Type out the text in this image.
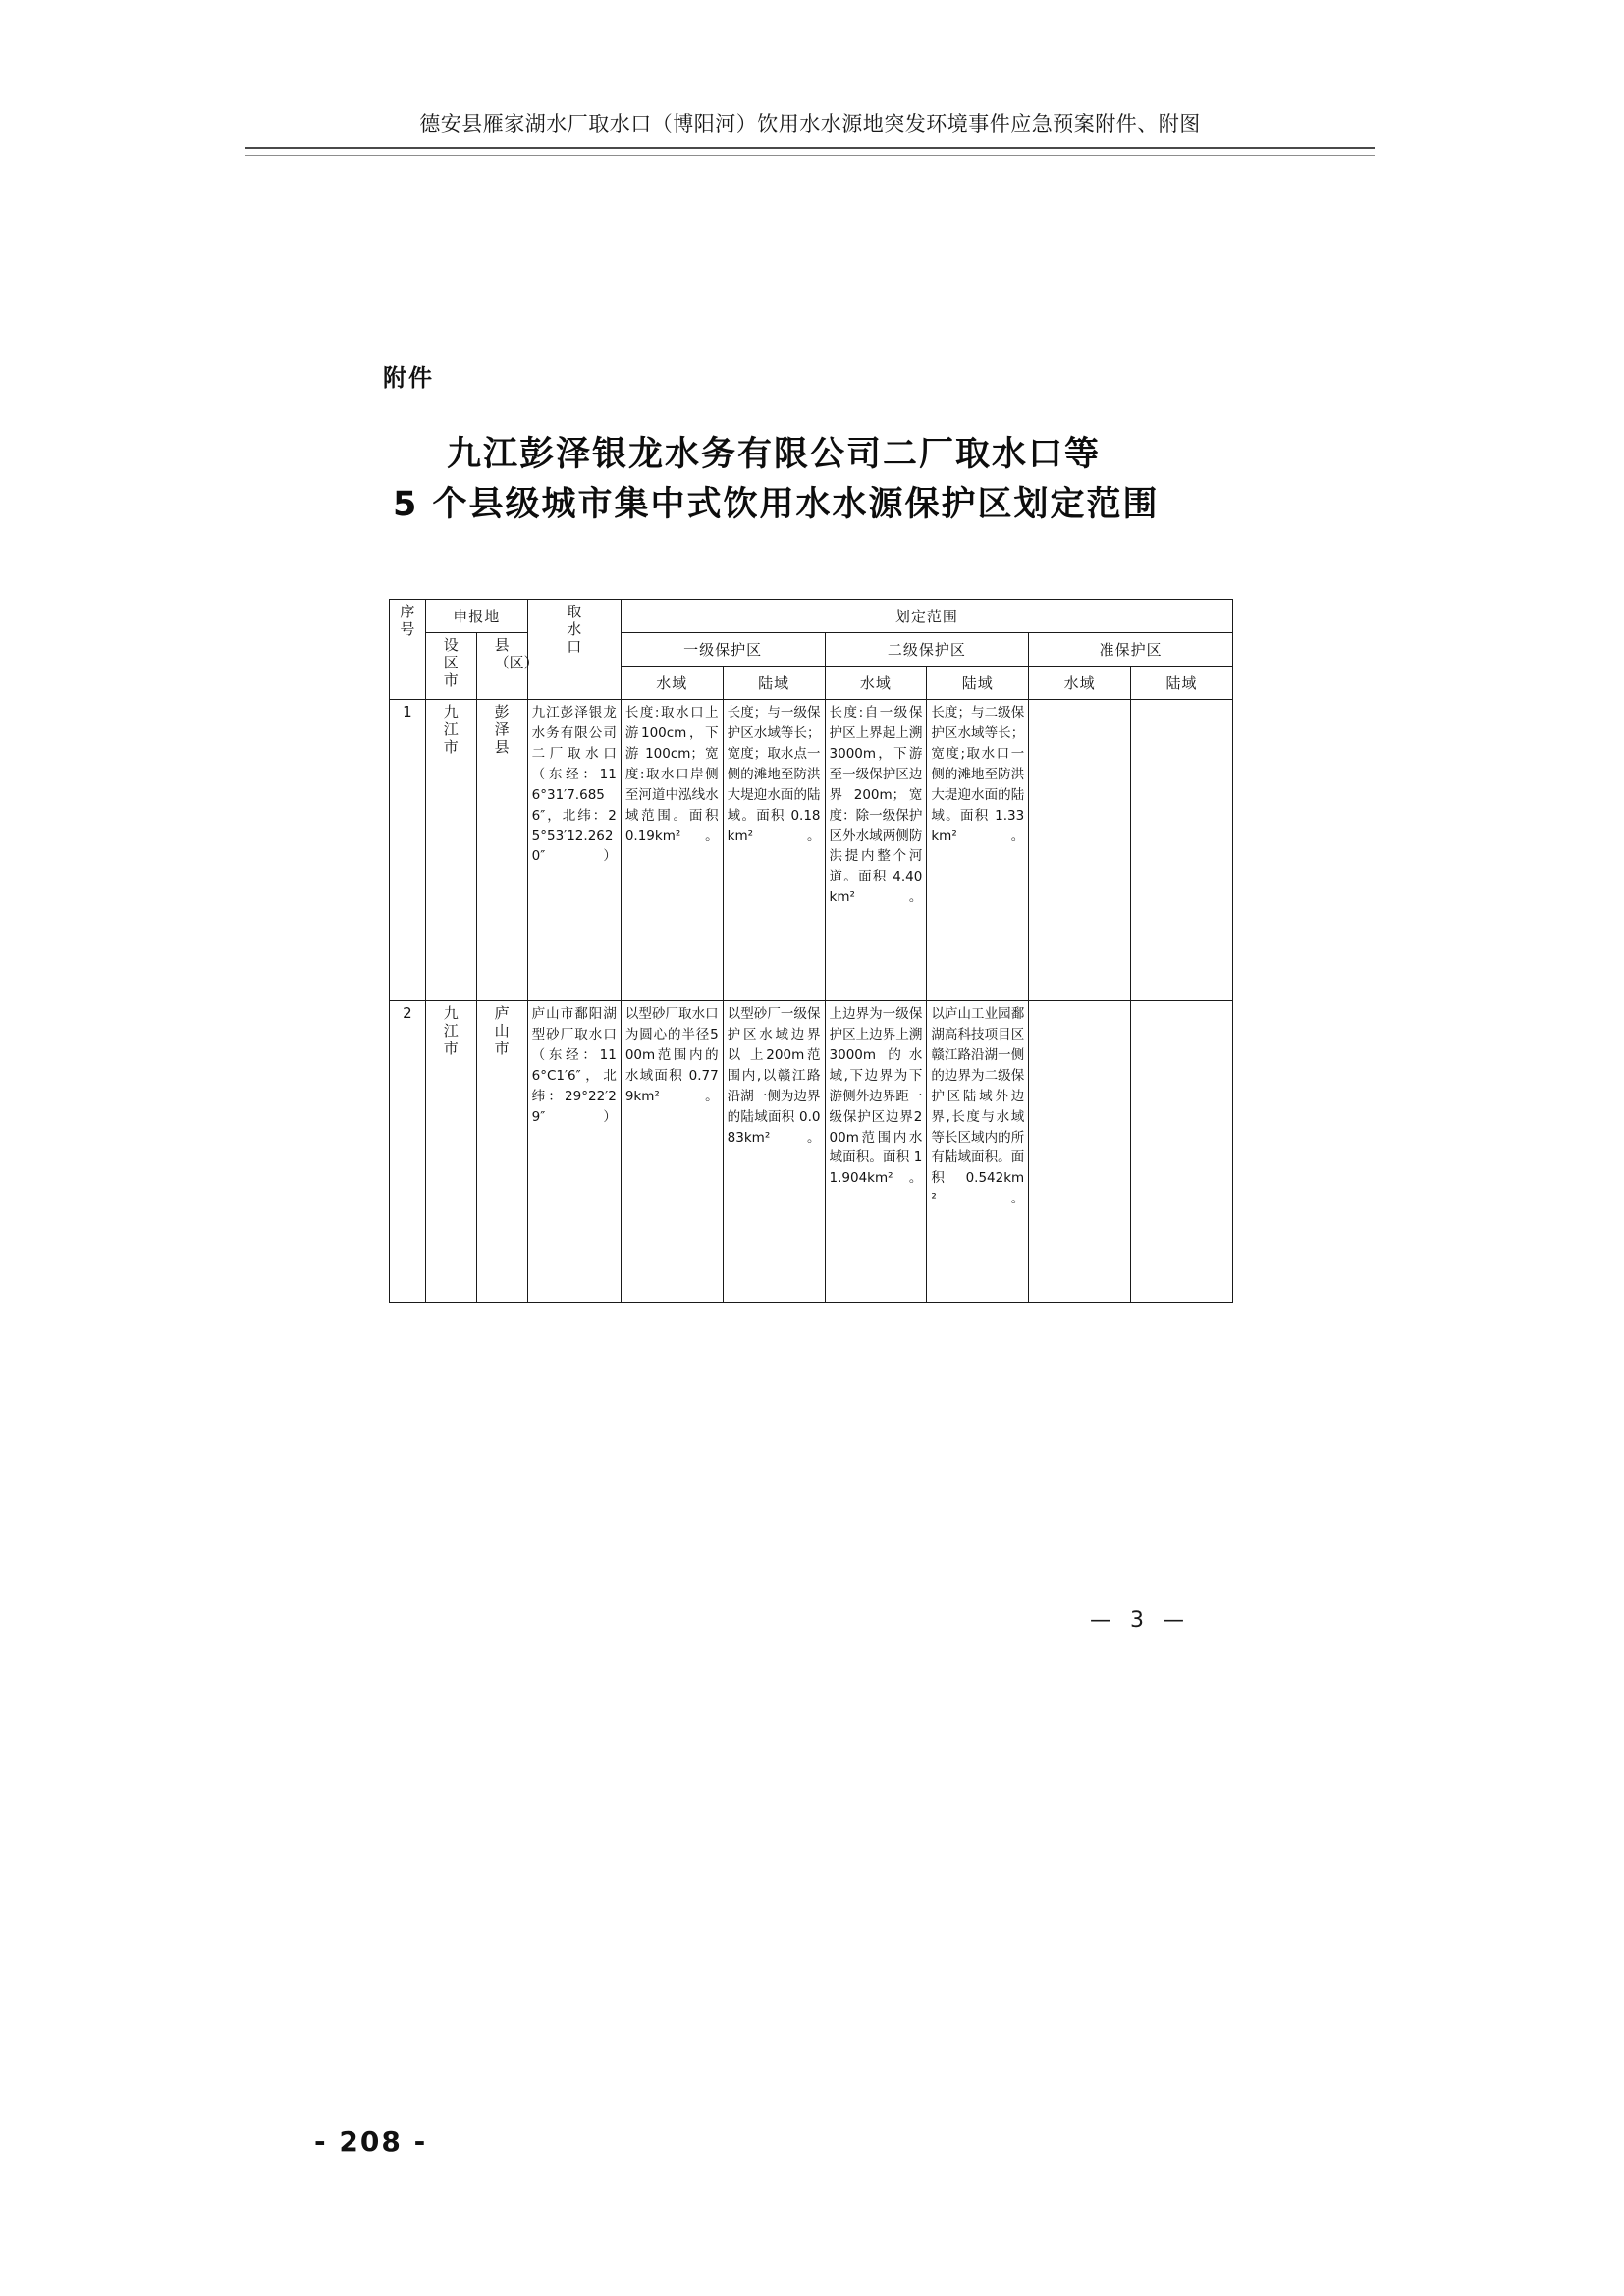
德安县雁家湖水厂取水口（博阳河）饮用水水源地突发环境事件应急预案附件、附图
附件
九江彭泽银龙水务有限公司二厂取水口等
5 个县级城市集中式饮用水水源保护区划定范围
序号	申报地		取水口	划定范围					

	设区市	县（区）		一级保护区		二级保护区		准保护区	
				水域	陆域	水域	陆域	水域	陆域
1	九江市	彭泽县	九江彭泽银龙水务有限公司二厂取水口（东经：116°31′7.6856″，北纬：25°53′12.2620″）	长度:取水口上游100cm，下游 100cm；宽度:取水口岸侧至河道中泓线水域范围。面积 0.19km²。	长度；与一级保护区水域等长；宽度；取水点一侧的滩地至防洪大堤迎水面的陆域。面积 0.18km²。	长度:自一级保护区上界起上溯 3000m，下游至一级保护区边界 200m；宽度：除一级保护区外水域两侧防洪提内整个河道。面积 4.40km²。	长度；与二级保护区水域等长；宽度;取水口一侧的滩地至防洪大堤迎水面的陆域。面积 1.33km²。		
2	九江市	庐山市	庐山市鄱阳湖型砂厂取水口（东经：116°C1′6″，北纬：29°22′29″）	以型砂厂取水口为圆心的半径500m范围内的水域面积 0.779km²。	以型砂厂一级保护区水域边界 以 上200m范围内,以赣江路沿湖一侧为边界的陆域面积 0.083km²。	上边界为一级保护区上边界上溯3000m 的水域,下边界为下游侧外边界距一级保护区边界200m范围内水域面积。面积 11.904km²。	以庐山工业园鄱湖高科技项目区赣江路沿湖一侧的边界为二级保护区陆域外边界,长度与水域等长区域内的所有陆域面积。面积 0.542km²。		
— 3 —
- 208 -
